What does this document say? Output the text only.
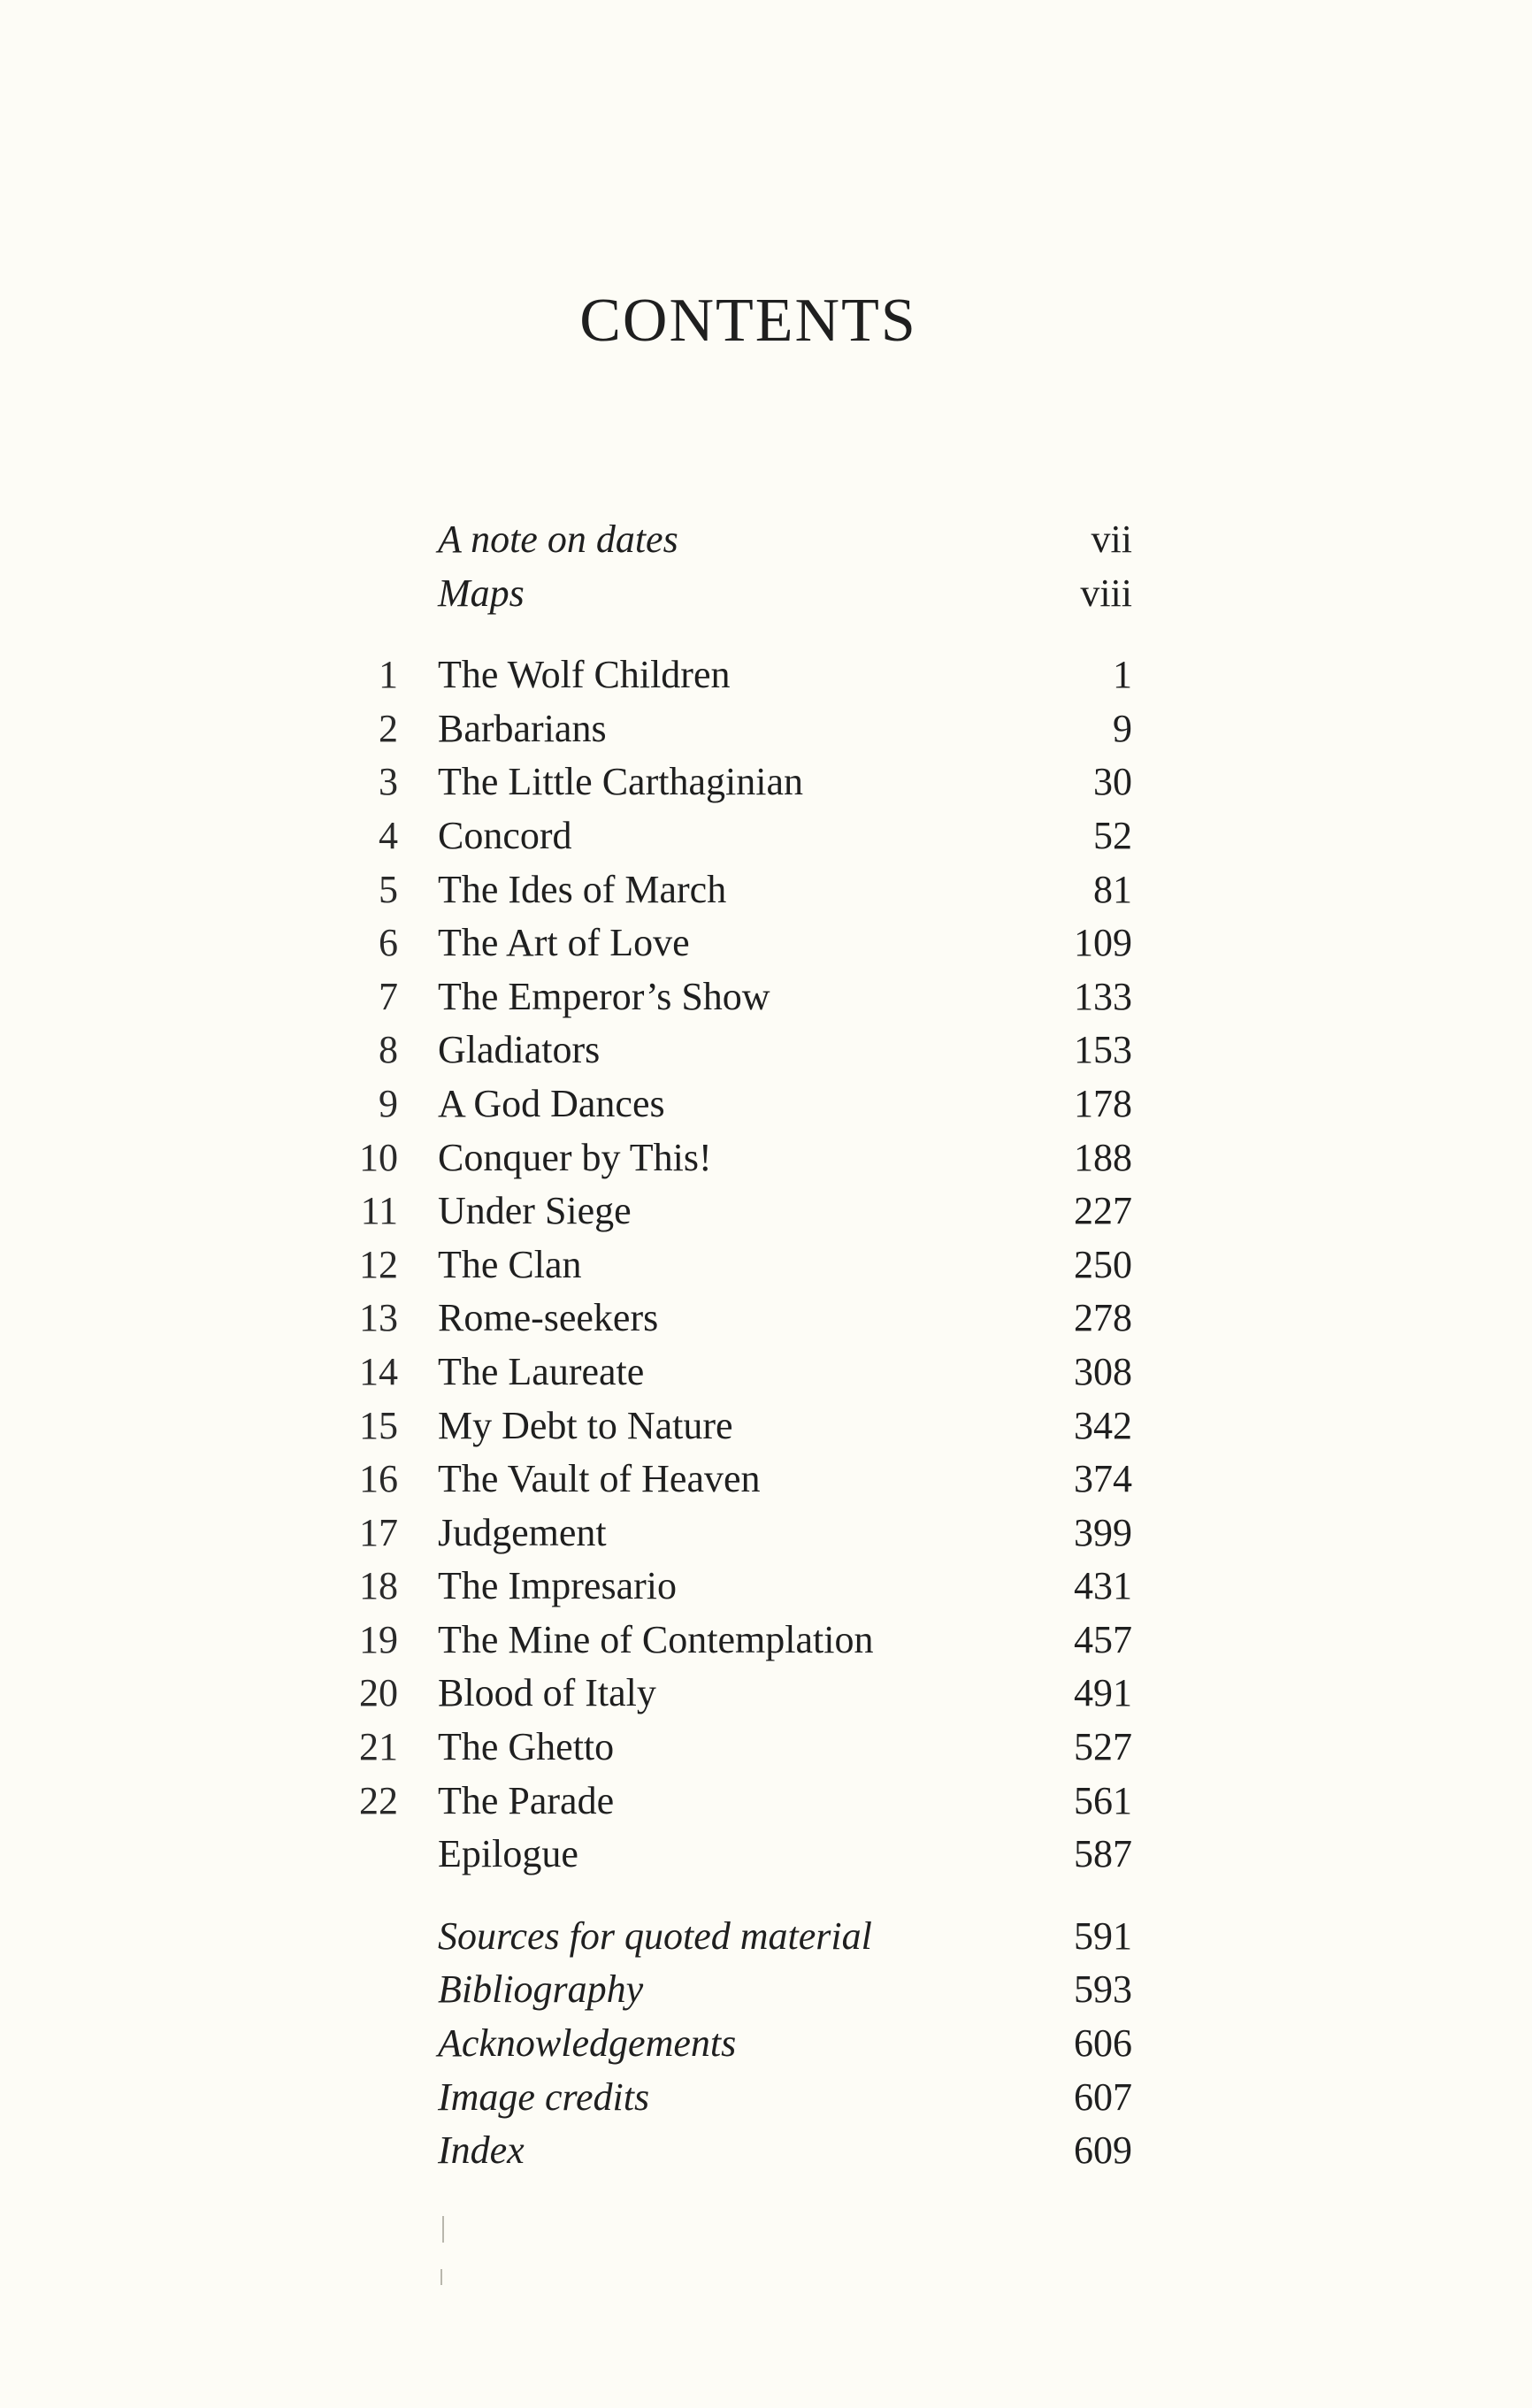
CONTENTS
A note on dates	vii
Maps	viii
1 The Wolf Children	1
2 Barbarians	9
3 The Little Carthaginian	30
4 Concord	52
5 The Ides of March	81
6 The Art of Love	109
7 The Emperor’s Show	133
8 Gladiators	153
9 A God Dances	178
10 Conquer by This!	188
11 Under Siege	227
12 The Clan	250
13 Rome-seekers	278
14 The Laureate	308
15 My Debt to Nature	342
16 The Vault of Heaven	374
17 Judgement	399
18 The Impresario	431
19 The Mine of Contemplation	457
20 Blood of Italy	491
21 The Ghetto	527
22 The Parade	561
Epilogue	587
Sources for quoted material	591
Bibliography	593
Acknowledgements	606
Image credits	607
Index	609
